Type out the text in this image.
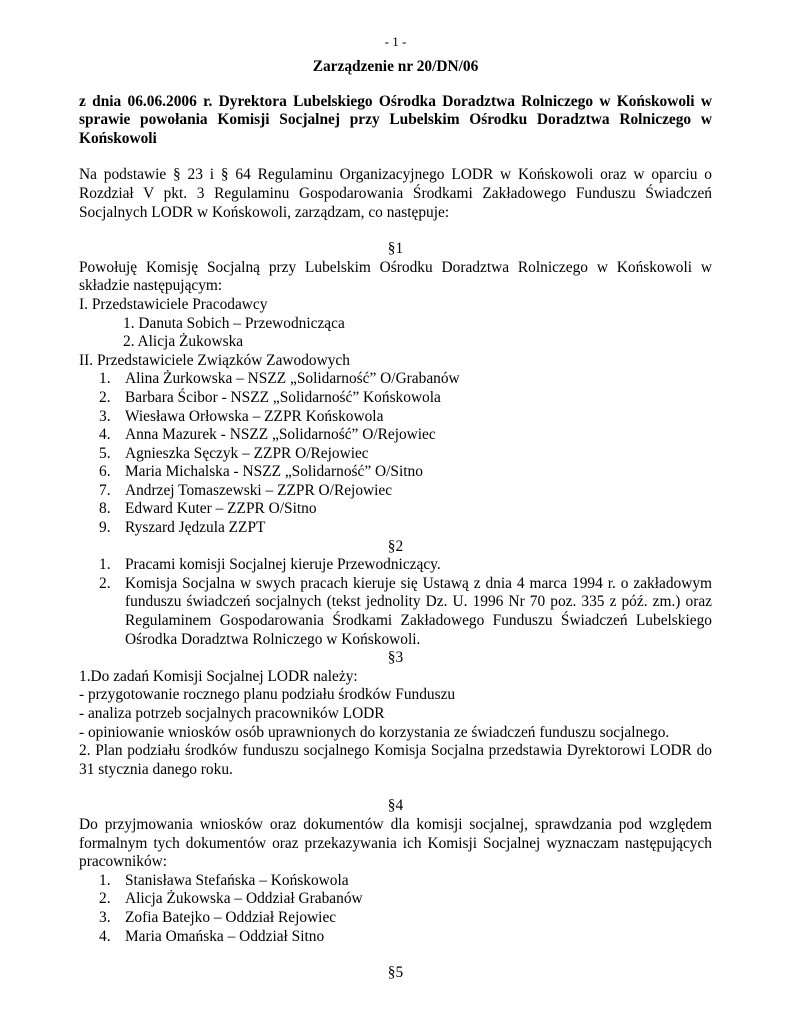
- 1 -
Zarządzenie nr 20/DN/06
z dnia 06.06.2006 r. Dyrektora Lubelskiego Ośrodka Doradztwa Rolniczego w Końskowoli w sprawie powołania Komisji Socjalnej przy Lubelskim Ośrodku Doradztwa Rolniczego w Końskowoli
Na podstawie § 23 i § 64 Regulaminu Organizacyjnego LODR w Końskowoli oraz w oparciu o Rozdział V pkt. 3 Regulaminu Gospodarowania Środkami Zakładowego Funduszu Świadczeń Socjalnych LODR w Końskowoli, zarządzam, co następuje:
§1
Powołuję Komisję Socjalną przy Lubelskim Ośrodku Doradztwa Rolniczego w Końskowoli w składzie następującym:
I. Przedstawiciele Pracodawcy
1. Danuta Sobich – Przewodnicząca
2. Alicja Żukowska
II. Przedstawiciele Związków Zawodowych
1. Alina Żurkowska – NSZZ „Solidarność” O/Grabanów
2. Barbara Ścibor - NSZZ „Solidarność” Końskowola
3. Wiesława Orłowska – ZZPR Końskowola
4. Anna Mazurek - NSZZ „Solidarność” O/Rejowiec
5. Agnieszka Sęczyk – ZZPR O/Rejowiec
6. Maria Michalska - NSZZ „Solidarność” O/Sitno
7. Andrzej Tomaszewski – ZZPR O/Rejowiec
8. Edward Kuter – ZZPR O/Sitno
9. Ryszard Jędzula ZZPT
§2
1. Pracami komisji Socjalnej kieruje Przewodniczący.
2. Komisja Socjalna w swych pracach kieruje się Ustawą z dnia 4 marca 1994 r. o zakładowym funduszu świadczeń socjalnych (tekst jednolity Dz. U. 1996 Nr 70 poz. 335 z póź. zm.) oraz Regulaminem Gospodarowania Środkami Zakładowego Funduszu Świadczeń Lubelskiego Ośrodka Doradztwa Rolniczego w Końskowoli.
§3
1.Do zadań Komisji Socjalnej LODR należy:
- przygotowanie rocznego planu podziału środków Funduszu
- analiza potrzeb socjalnych pracowników LODR
- opiniowanie wniosków osób uprawnionych do korzystania ze świadczeń funduszu socjalnego.
2. Plan podziału środków funduszu socjalnego Komisja Socjalna przedstawia Dyrektorowi LODR do 31 stycznia danego roku.
§4
Do przyjmowania wniosków oraz dokumentów dla komisji socjalnej, sprawdzania pod względem formalnym tych dokumentów oraz przekazywania ich Komisji Socjalnej wyznaczam następujących pracowników:
1. Stanisława Stefańska – Końskowola
2. Alicja Żukowska – Oddział Grabanów
3. Zofia Batejko – Oddział Rejowiec
4. Maria Omańska – Oddział Sitno
§5
